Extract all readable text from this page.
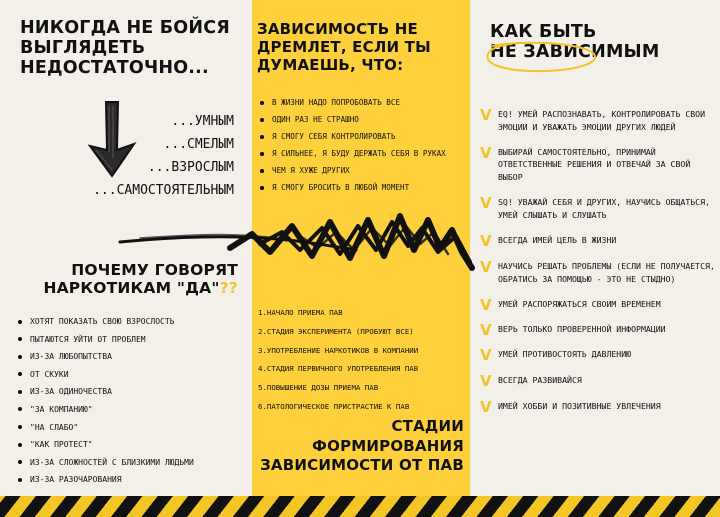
НИКОГДА НЕ БОЙСЯ
ВЫГЛЯДЕТЬ
НЕДОСТАТОЧНО...
...УМНЫМ
...СМЕЛЫМ
...ВЗРОСЛЫМ
...САМОСТОЯТЕЛЬНЫМ
ПОЧЕМУ ГОВОРЯТ
НАРКОТИКАМ "ДА"??
ХОТЯТ ПОКАЗАТЬ СВОЮ ВЗРОСЛОСТЬ
ПЫТАЮТСЯ УЙТИ ОТ ПРОБЛЕМ
ИЗ-ЗА ЛЮБОПЫТСТВА
ОТ СКУКИ
ИЗ-ЗА ОДИНОЧЕСТВА
"ЗА КОМПАНИЮ"
"НА СЛАБО"
"КАК ПРОТЕСТ"
ИЗ-ЗА СЛОЖНОСТЕЙ С БЛИЗКИМИ ЛЮДЬМИ
ИЗ-ЗА РАЗОЧАРОВАНИЯ
ЗАВИСИМОСТЬ НЕ
ДРЕМЛЕТ, ЕСЛИ ТЫ
ДУМАЕШЬ, ЧТО:
В ЖИЗНИ НАДО ПОПРОБОВАТЬ ВСЕ
ОДИН РАЗ НЕ СТРАШНО
Я СМОГУ СЕБЯ КОНТРОЛИРОВАТЬ
Я СИЛЬНЕЕ, Я БУДУ ДЕРЖАТЬ СЕБЯ В РУКАХ
ЧЕМ Я ХУЖЕ ДРУГИХ
Я СМОГУ БРОСИТЬ В ЛЮБОЙ МОМЕНТ
1.НАЧАЛО ПРИЕМА ПАВ
2.СТАДИЯ ЭКСПЕРИМЕНТА (ПРОБУЮТ ВСЕ)
3.УПОТРЕБЛЕНИЕ НАРКОТИКОВ В КОМПАНИИ
4.СТАДИЯ ПЕРВИЧНОГО УПОТРЕБЛЕНИЯ ПАВ
5.ПОВЫШЕНИЕ ДОЗЫ ПРИЕМА ПАВ
6.ПАТОЛОГИЧЕСКОЕ ПРИСТРАСТИЕ К ПАВ
СТАДИИ
ФОРМИРОВАНИЯ
ЗАВИСИМОСТИ ОТ ПАВ
КАК БЫТЬ
НЕ ЗАВИСИМЫМ
V EQ! УМЕЙ РАСПОЗНАВАТЬ, КОНТРОЛИРОВАТЬ СВОИ ЭМОЦИИ И УВАЖАТЬ ЭМОЦИИ ДРУГИХ ЛЮДЕЙ
V ВЫБИРАЙ САМОСТОЯТЕЛЬНО, ПРИНИМАЙ ОТВЕТСТВЕННЫЕ РЕШЕНИЯ И ОТВЕЧАЙ ЗА СВОЙ ВЫБОР
V SQ! УВАЖАЙ СЕБЯ И ДРУГИХ, НАУЧИСЬ ОБЩАТЬСЯ, УМЕЙ СЛЫШАТЬ И СЛУШАТЬ
V ВСЕГДА ИМЕЙ ЦЕЛЬ В ЖИЗНИ
V НАУЧИСЬ РЕШАТЬ ПРОБЛЕМЫ (ЕСЛИ НЕ ПОЛУЧАЕТСЯ, ОБРАТИСЬ ЗА ПОМОЩЬЮ - ЭТО НЕ СТЫДНО)
V УМЕЙ РАСПОРЯЖАТЬСЯ СВОИМ ВРЕМЕНЕМ
V ВЕРЬ ТОЛЬКО ПРОВЕРЕННОЙ ИНФОРМАЦИИ
V УМЕЙ ПРОТИВОСТОЯТЬ ДАВЛЕНИЮ
V ВСЕГДА РАЗВИВАЙСЯ
V ИМЕЙ ХОББИ И ПОЗИТИВНЫЕ УВЛЕЧЕНИЯ
